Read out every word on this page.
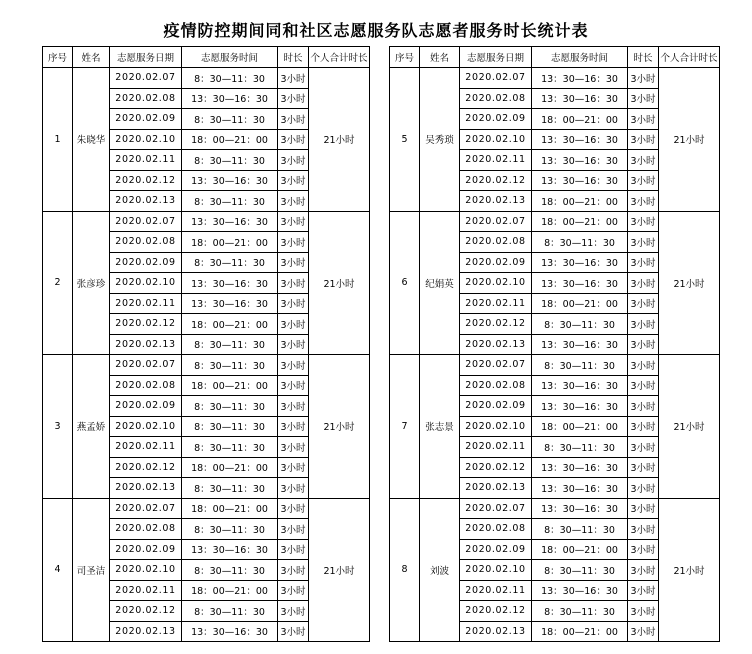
疫情防控期间同和社区志愿服务队志愿者服务时长统计表
序号	姓名	志愿服务日期	志愿服务时间	时长	个人合计时长
1	朱晓华	2020.02.07	8：30—11：30	3小时	21小时
		2020.02.08	13：30—16：30	3小时	
		2020.02.09	8：30—11：30	3小时	
		2020.02.10	18：00—21：00	3小时	
		2020.02.11	8：30—11：30	3小时	
		2020.02.12	13：30—16：30	3小时	
		2020.02.13	8：30—11：30	3小时	
2	张彦珍	2020.02.07	13：30—16：30	3小时	21小时
		2020.02.08	18：00—21：00	3小时	
		2020.02.09	8：30—11：30	3小时	
		2020.02.10	13：30—16：30	3小时	
		2020.02.11	13：30—16：30	3小时	
		2020.02.12	18：00—21：00	3小时	
		2020.02.13	8：30—11：30	3小时	
3	燕孟娇	2020.02.07	8：30—11：30	3小时	21小时
		2020.02.08	18：00—21：00	3小时	
		2020.02.09	8：30—11：30	3小时	
		2020.02.10	8：30—11：30	3小时	
		2020.02.11	8：30—11：30	3小时	
		2020.02.12	18：00—21：00	3小时	
		2020.02.13	8：30—11：30	3小时	
4	司圣洁	2020.02.07	18：00—21：00	3小时	21小时
		2020.02.08	8：30—11：30	3小时	
		2020.02.09	13：30—16：30	3小时	
		2020.02.10	8：30—11：30	3小时	
		2020.02.11	18：00—21：00	3小时	
		2020.02.12	8：30—11：30	3小时	
		2020.02.13	13：30—16：30	3小时	
序号	姓名	志愿服务日期	志愿服务时间	时长	个人合计时长
5	吴秀琐	2020.02.07	13：30—16：30	3小时	21小时
		2020.02.08	13：30—16：30	3小时	
		2020.02.09	18：00—21：00	3小时	
		2020.02.10	13：30—16：30	3小时	
		2020.02.11	13：30—16：30	3小时	
		2020.02.12	13：30—16：30	3小时	
		2020.02.13	18：00—21：00	3小时	
6	纪娟英	2020.02.07	18：00—21：00	3小时	21小时
		2020.02.08	8：30—11：30	3小时	
		2020.02.09	13：30—16：30	3小时	
		2020.02.10	13：30—16：30	3小时	
		2020.02.11	18：00—21：00	3小时	
		2020.02.12	8：30—11：30	3小时	
		2020.02.13	13：30—16：30	3小时	
7	张志景	2020.02.07	8：30—11：30	3小时	21小时
		2020.02.08	13：30—16：30	3小时	
		2020.02.09	13：30—16：30	3小时	
		2020.02.10	18：00—21：00	3小时	
		2020.02.11	8：30—11：30	3小时	
		2020.02.12	13：30—16：30	3小时	
		2020.02.13	13：30—16：30	3小时	
8	刘波	2020.02.07	13：30—16：30	3小时	21小时
		2020.02.08	8：30—11：30	3小时	
		2020.02.09	18：00—21：00	3小时	
		2020.02.10	8：30—11：30	3小时	
		2020.02.11	13：30—16：30	3小时	
		2020.02.12	8：30—11：30	3小时	
		2020.02.13	18：00—21：00	3小时	
